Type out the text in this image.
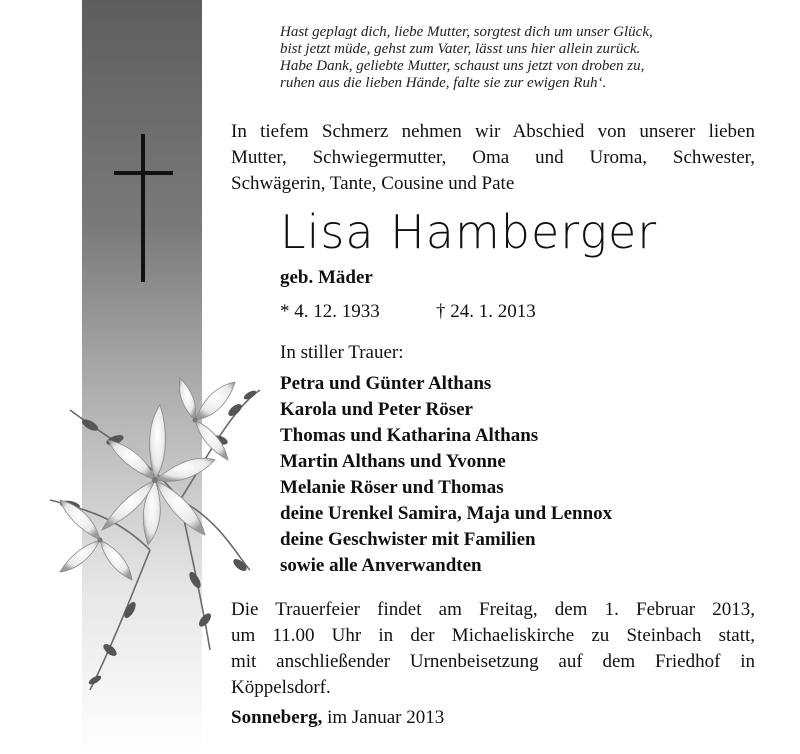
Hast geplagt dich, liebe Mutter, sorgtest dich um unser Glück,
bist jetzt müde, gehst zum Vater, lässt uns hier allein zurück.
Habe Dank, geliebte Mutter, schaust uns jetzt von droben zu,
ruhen aus die lieben Hände, falte sie zur ewigen Ruh‘.
In tiefem Schmerz nehmen wir Abschied von unserer lieben
Mutter, Schwiegermutter, Oma und Uroma, Schwester,
Schwägerin, Tante, Cousine und Pate
Lisa Hamberger
geb. Mäder
* 4. 12. 1933	† 24. 1. 2013
In stiller Trauer:
Petra und Günter Althans
Karola und Peter Röser
Thomas und Katharina Althans
Martin Althans und Yvonne
Melanie Röser und Thomas
deine Urenkel Samira, Maja und Lennox
deine Geschwister mit Familien
sowie alle Anverwandten
Die Trauerfeier findet am Freitag, dem 1. Februar 2013,
um 11.00 Uhr in der Michaeliskirche zu Steinbach statt,
mit anschließender Urnenbeisetzung auf dem Friedhof in
Köppelsdorf.
Sonneberg, im Januar 2013
